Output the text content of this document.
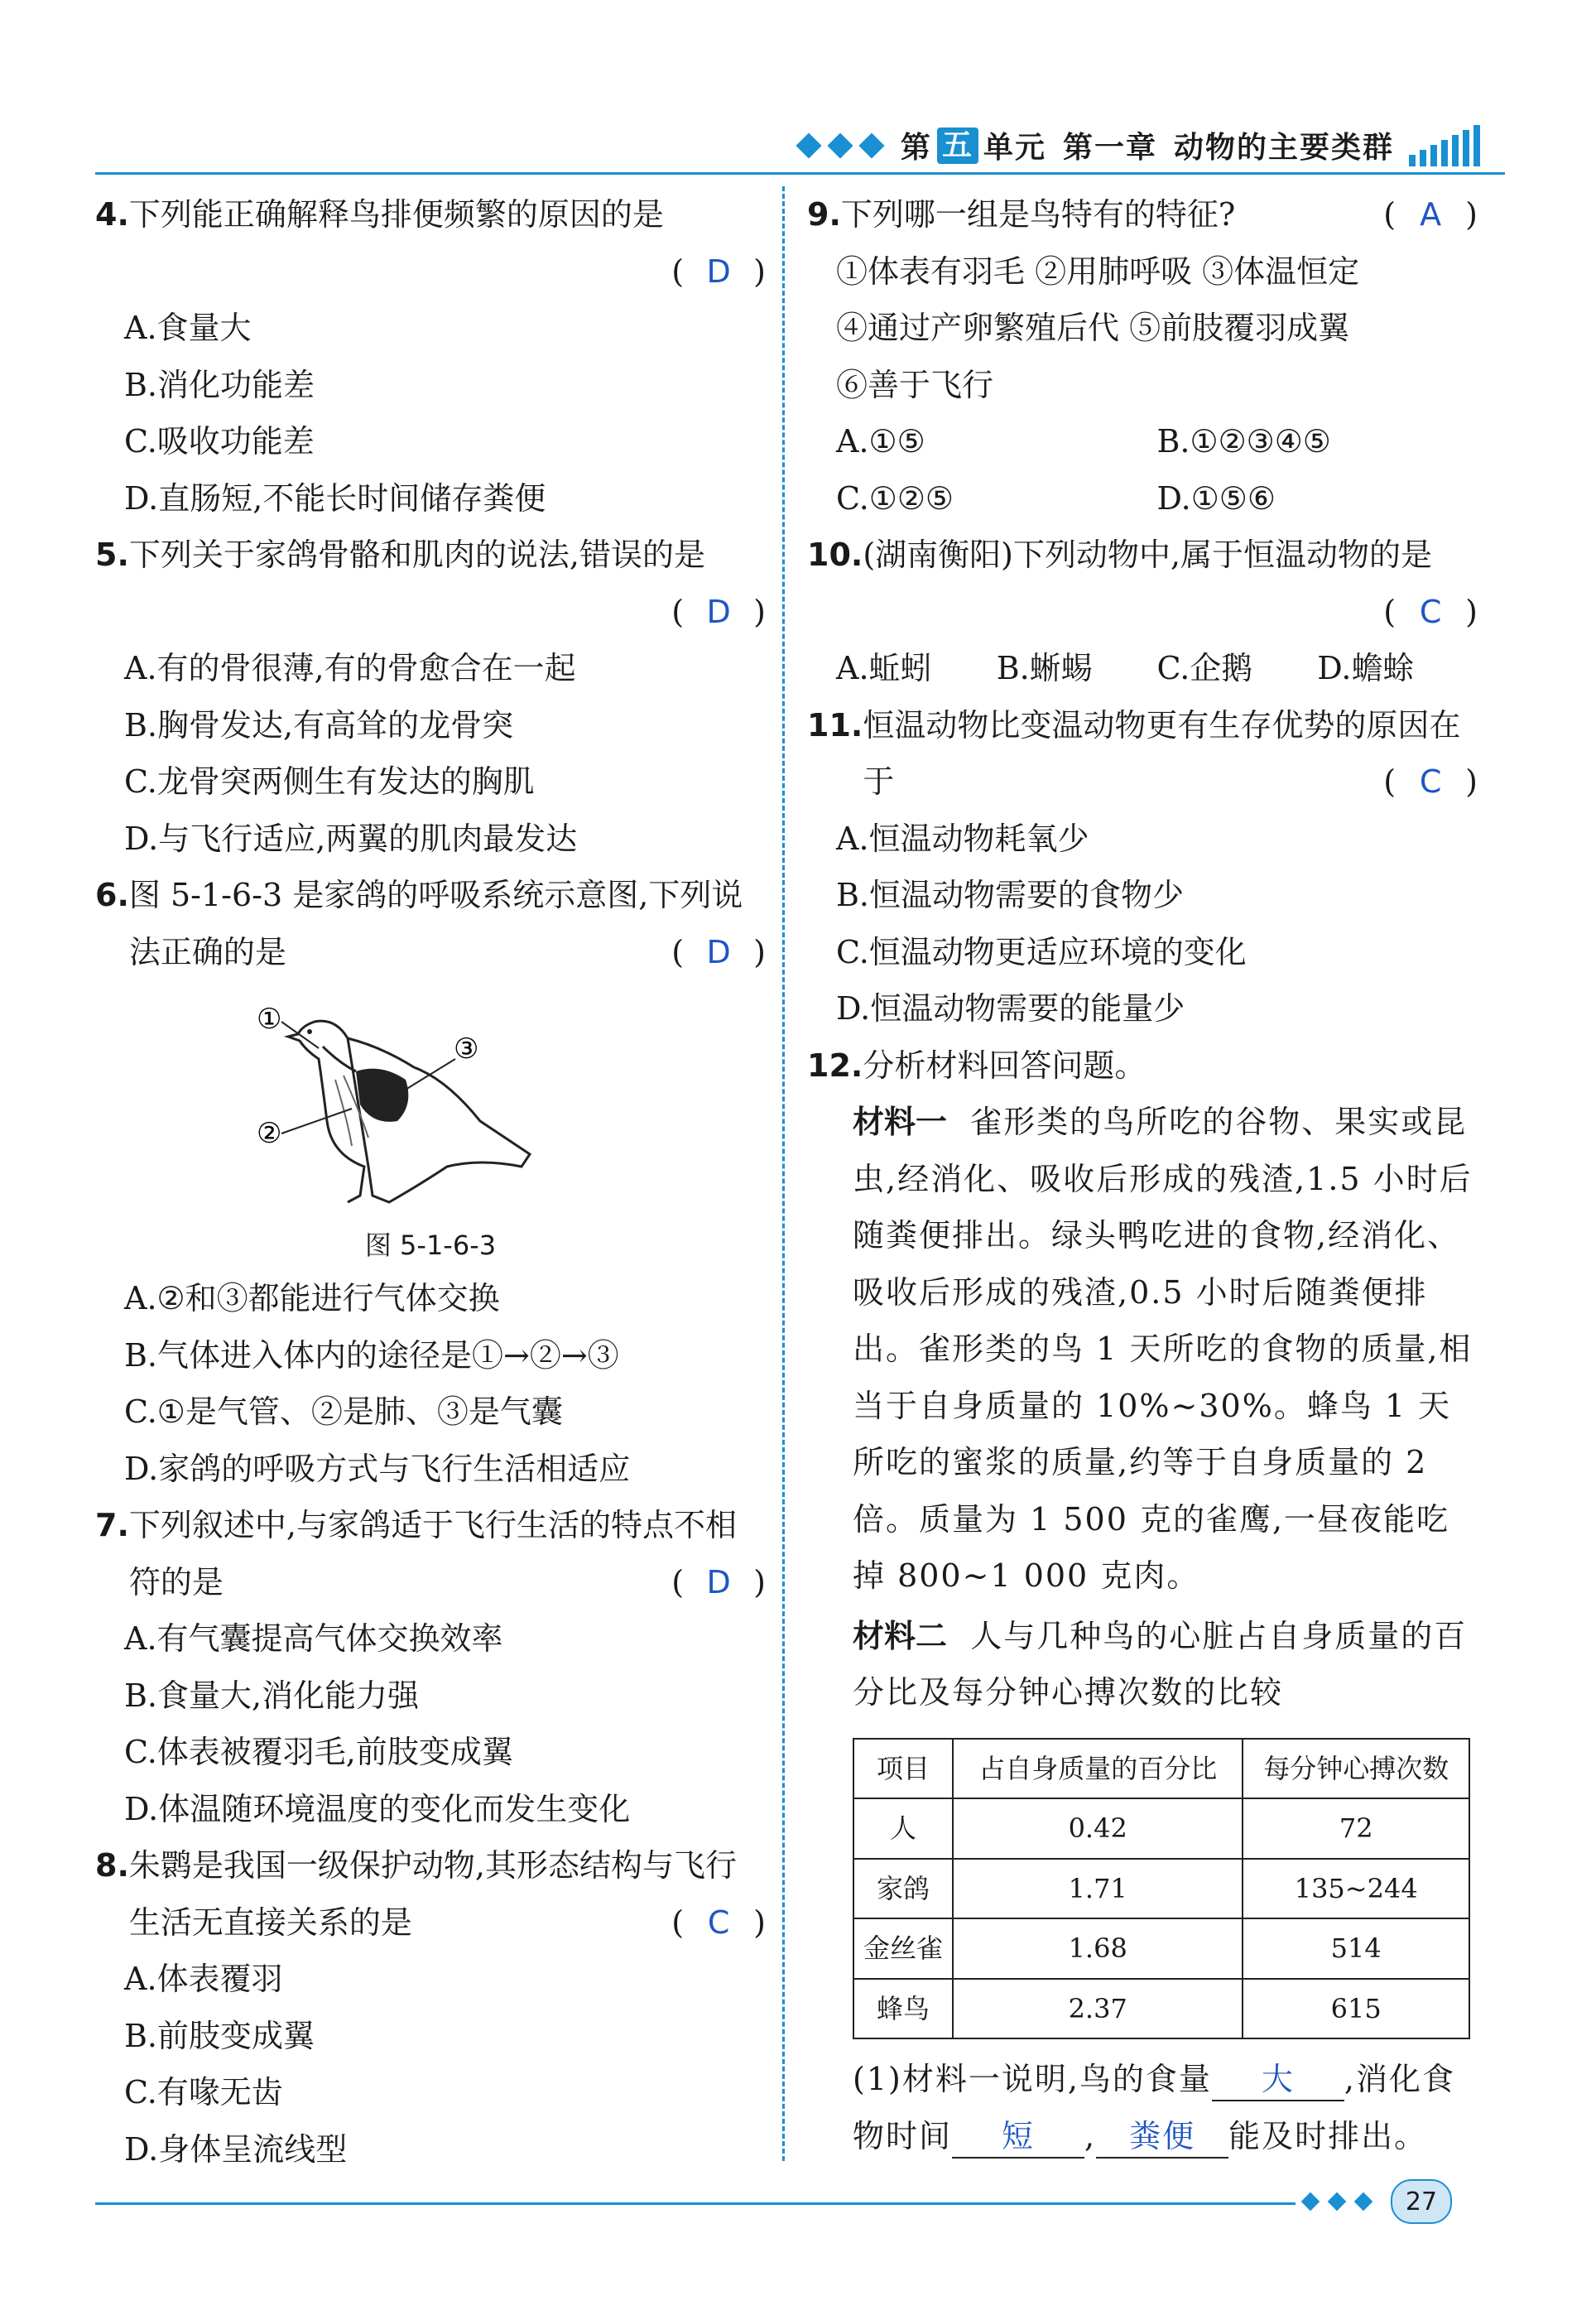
第 五 单元 第一章 动物的主要类群
4. 下列能正确解释鸟排便频繁的原因的是
( D )
A.食量大
B.消化功能差
C.吸收功能差
D.直肠短,不能长时间储存粪便
5. 下列关于家鸽骨骼和肌肉的说法,错误的是
( D )
A.有的骨很薄,有的骨愈合在一起
B.胸骨发达,有高耸的龙骨突
C.龙骨突两侧生有发达的胸肌
D.与飞行适应,两翼的肌肉最发达
6. 图 5-1-6-3 是家鸽的呼吸系统示意图,下列说法正确的是	( D )
①
②
③
图 5-1-6-3
A.②和③都能进行气体交换
B.气体进入体内的途径是①→②→③
C.①是气管、②是肺、③是气囊
D.家鸽的呼吸方式与飞行生活相适应
7. 下列叙述中,与家鸽适于飞行生活的特点不相符的是	( D )
A.有气囊提高气体交换效率
B.食量大,消化能力强
C.体表被覆羽毛,前肢变成翼
D.体温随环境温度的变化而发生变化
8. 朱鹮是我国一级保护动物,其形态结构与飞行生活无直接关系的是	( C )
A.体表覆羽
B.前肢变成翼
C.有喙无齿
D.身体呈流线型
9. 下列哪一组是鸟特有的特征?	( A )
①体表有羽毛 ②用肺呼吸 ③体温恒定
④通过产卵繁殖后代 ⑤前肢覆羽成翼
⑥善于飞行
A.①⑤	B.①②③④⑤
C.①②⑤	D.①⑤⑥
10. (湖南衡阳)下列动物中,属于恒温动物的是
( C )
A.蚯蚓	B.蜥蜴	C.企鹅	D.蟾蜍
11. 恒温动物比变温动物更有生存优势的原因在于	( C )
A.恒温动物耗氧少
B.恒温动物需要的食物少
C.恒温动物更适应环境的变化
D.恒温动物需要的能量少
12. 分析材料回答问题。
材料一 雀形类的鸟所吃的谷物、果实或昆虫,经消化、吸收后形成的残渣,1.5 小时后随粪便排出。绿头鸭吃进的食物,经消化、吸收后形成的残渣,0.5 小时后随粪便排出。雀形类的鸟 1 天所吃的食物的质量,相当于自身质量的 10%~30%。蜂鸟 1 天所吃的蜜浆的质量,约等于自身质量的 2 倍。质量为 1 500 克的雀鹰,一昼夜能吃掉 800~1 000 克肉。
材料二 人与几种鸟的心脏占自身质量的百分比及每分钟心搏次数的比较
项目	占自身质量的百分比	每分钟心搏次数
人	0.42	72
家鸽	1.71	135~244
金丝雀	1.68	514
蜂鸟	2.37	615
(1)材料一说明,鸟的食量 大 ,消化食物时间 短 , 粪便 能及时排出。
27
